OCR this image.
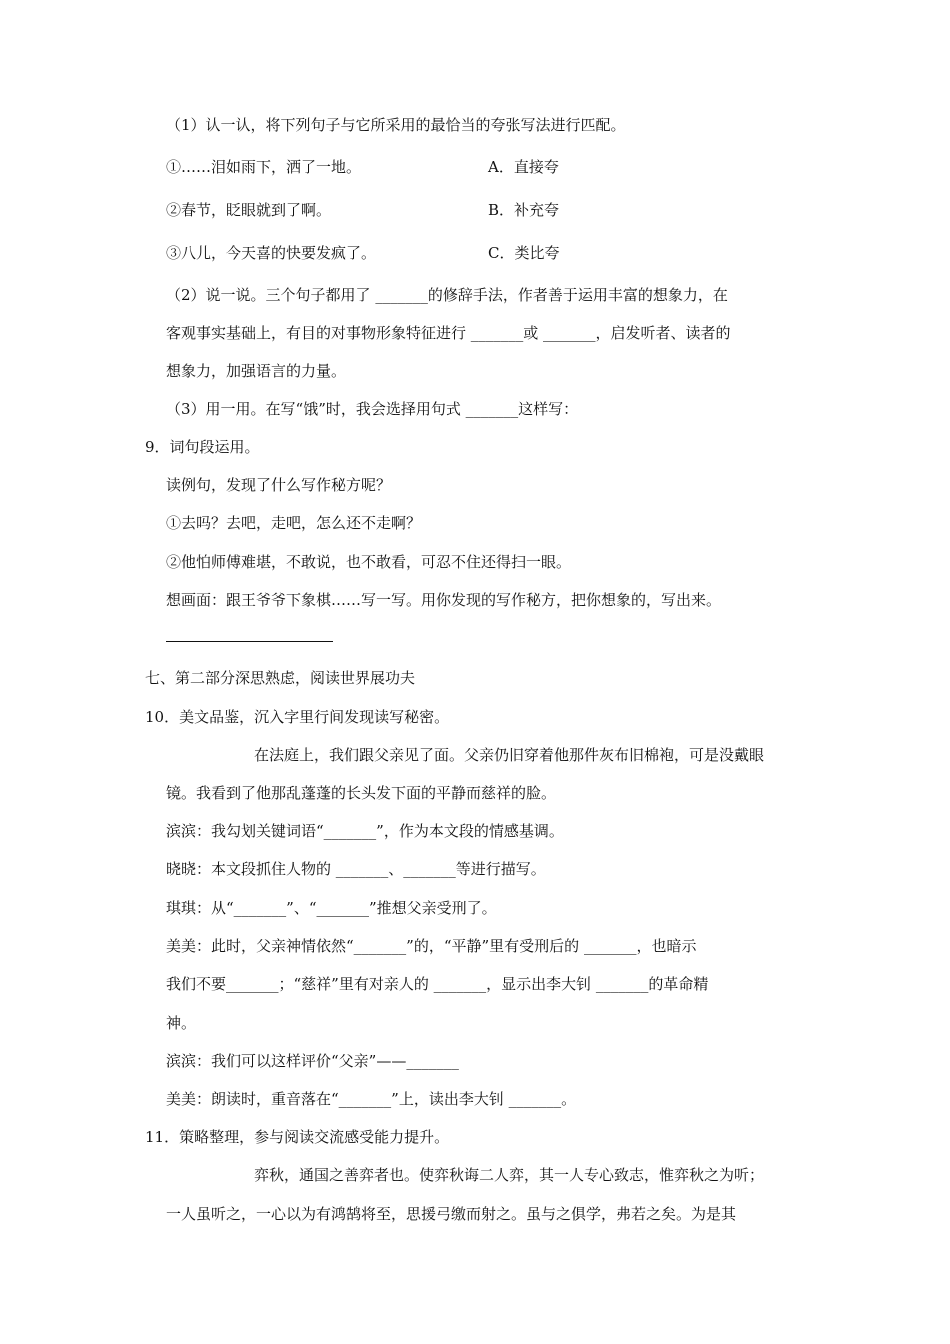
（1）认一认，将下列句子与它所采用的最恰当的夸张写法进行匹配。
①……泪如雨下，洒了一地。	A．直接夸
②春节，眨眼就到了啊。	B．补充夸
③八儿，今天喜的快要发疯了。	C．类比夸
（2）说一说。三个句子都用了 _______的修辞手法，作者善于运用丰富的想象力，在
客观事实基础上，有目的对事物形象特征进行 _______或 _______，启发听者、读者的
想象力，加强语言的力量。
（3）用一用。在写“饿”时，我会选择用句式 _______这样写：
9．词句段运用。
读例句，发现了什么写作秘方呢？
①去吗？去吧，走吧，怎么还不走啊？
②他怕师傅难堪，不敢说，也不敢看，可忍不住还得扫一眼。
想画面：跟王爷爷下象棋……写一写。用你发现的写作秘方，把你想象的，写出来。
七、第二部分深思熟虑，阅读世界展功夫
10．美文品鉴，沉入字里行间发现读写秘密。
在法庭上，我们跟父亲见了面。父亲仍旧穿着他那件灰布旧棉袍，可是没戴眼
镜。我看到了他那乱蓬蓬的长头发下面的平静而慈祥的脸。
滨滨：我勾划关键词语“_______”，作为本文段的情感基调。
晓晓：本文段抓住人物的 _______、_______等进行描写。
琪琪：从“_______”、“_______”推想父亲受刑了。
美美：此时，父亲神情依然“_______”的，“平静”里有受刑后的 _______，也暗示
我们不要_______；“慈祥”里有对亲人的 _______，显示出李大钊 _______的革命精
神。
滨滨：我们可以这样评价“父亲”——_______
美美：朗读时，重音落在“_______”上，读出李大钊 _______。
11．策略整理，参与阅读交流感受能力提升。
弈秋，通国之善弈者也。使弈秋诲二人弈，其一人专心致志，惟弈秋之为听；
一人虽听之，一心以为有鸿鹄将至，思援弓缴而射之。虽与之俱学，弗若之矣。为是其
